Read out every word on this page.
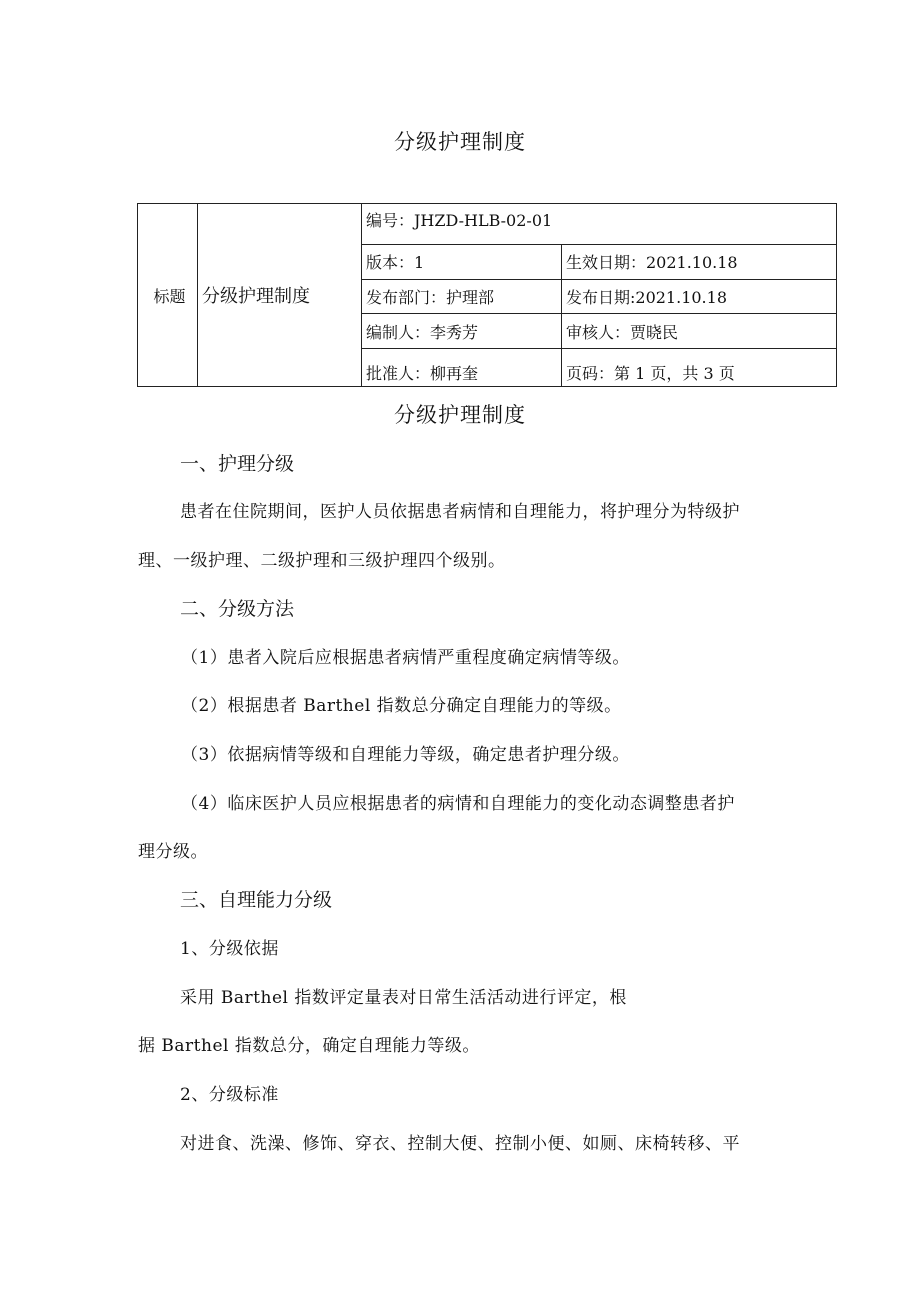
分级护理制度
标题	分级护理制度	编号：JHZD-HLB-02-01	
		版本：1	生效日期：2021.10.18
		发布部门：护理部	发布日期:2021.10.18
		编制人：李秀芳	审核人：贾晓民
		批准人：柳再奎	页码：第 1 页，共 3 页
分级护理制度
一、护理分级
患者在住院期间，医护人员依据患者病情和自理能力，将护理分为特级护
理、一级护理、二级护理和三级护理四个级别。
二、分级方法
（1）患者入院后应根据患者病情严重程度确定病情等级。
（2）根据患者 Barthel 指数总分确定自理能力的等级。
（3）依据病情等级和自理能力等级，确定患者护理分级。
（4）临床医护人员应根据患者的病情和自理能力的变化动态调整患者护
理分级。
三、自理能力分级
1、分级依据
采用 Barthel 指数评定量表对日常生活活动进行评定，根
据 Barthel 指数总分，确定自理能力等级。
2、分级标准
对进食、洗澡、修饰、穿衣、控制大便、控制小便、如厕、床椅转移、平
